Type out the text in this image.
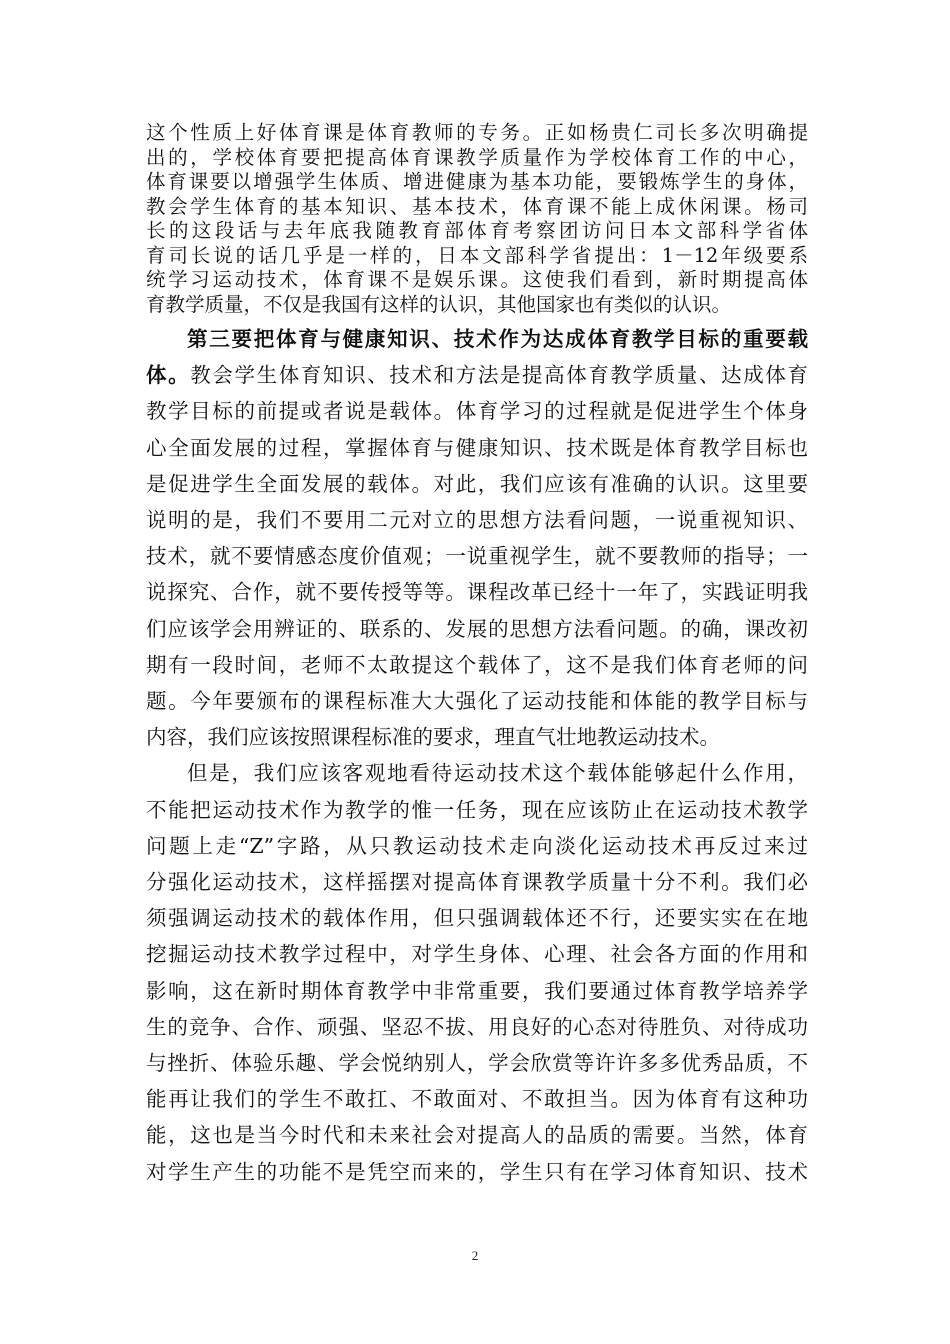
这个性质上好体育课是体育教师的专务。正如杨贵仁司长多次明确提
出的，学校体育要把提高体育课教学质量作为学校体育工作的中心，
体育课要以增强学生体质、增进健康为基本功能，要锻炼学生的身体，
教会学生体育的基本知识、基本技术，体育课不能上成休闲课。杨司
长的这段话与去年底我随教育部体育考察团访问日本文部科学省体
育司长说的话几乎是一样的，日本文部科学省提出：1－12年级要系
统学习运动技术，体育课不是娱乐课。这使我们看到，新时期提高体
育教学质量，不仅是我国有这样的认识，其他国家也有类似的认识。

第三要把体育与健康知识、技术作为达成体育教学目标的重要载
体。教会学生体育知识、技术和方法是提高体育教学质量、达成体育
教学目标的前提或者说是载体。体育学习的过程就是促进学生个体身
心全面发展的过程，掌握体育与健康知识、技术既是体育教学目标也
是促进学生全面发展的载体。对此，我们应该有准确的认识。这里要
说明的是，我们不要用二元对立的思想方法看问题，一说重视知识、
技术，就不要情感态度价值观；一说重视学生，就不要教师的指导；一
说探究、合作，就不要传授等等。课程改革已经十一年了，实践证明我
们应该学会用辨证的、联系的、发展的思想方法看问题。的确，课改初
期有一段时间，老师不太敢提这个载体了，这不是我们体育老师的问
题。今年要颁布的课程标准大大强化了运动技能和体能的教学目标与
内容，我们应该按照课程标准的要求，理直气壮地教运动技术。
但是，我们应该客观地看待运动技术这个载体能够起什么作用，
不能把运动技术作为教学的惟一任务，现在应该防止在运动技术教学
问题上走“Z”字路，从只教运动技术走向淡化运动技术再反过来过
分强化运动技术，这样摇摆对提高体育课教学质量十分不利。我们必
须强调运动技术的载体作用，但只强调载体还不行，还要实实在在地
挖掘运动技术教学过程中，对学生身体、心理、社会各方面的作用和
影响，这在新时期体育教学中非常重要，我们要通过体育教学培养学
生的竞争、合作、顽强、坚忍不拔、用良好的心态对待胜负、对待成功
与挫折、体验乐趣、学会悦纳别人，学会欣赏等许许多多优秀品质，不
能再让我们的学生不敢扛、不敢面对、不敢担当。因为体育有这种功
能，这也是当今时代和未来社会对提高人的品质的需要。当然，体育
对学生产生的功能不是凭空而来的，学生只有在学习体育知识、技术
2
